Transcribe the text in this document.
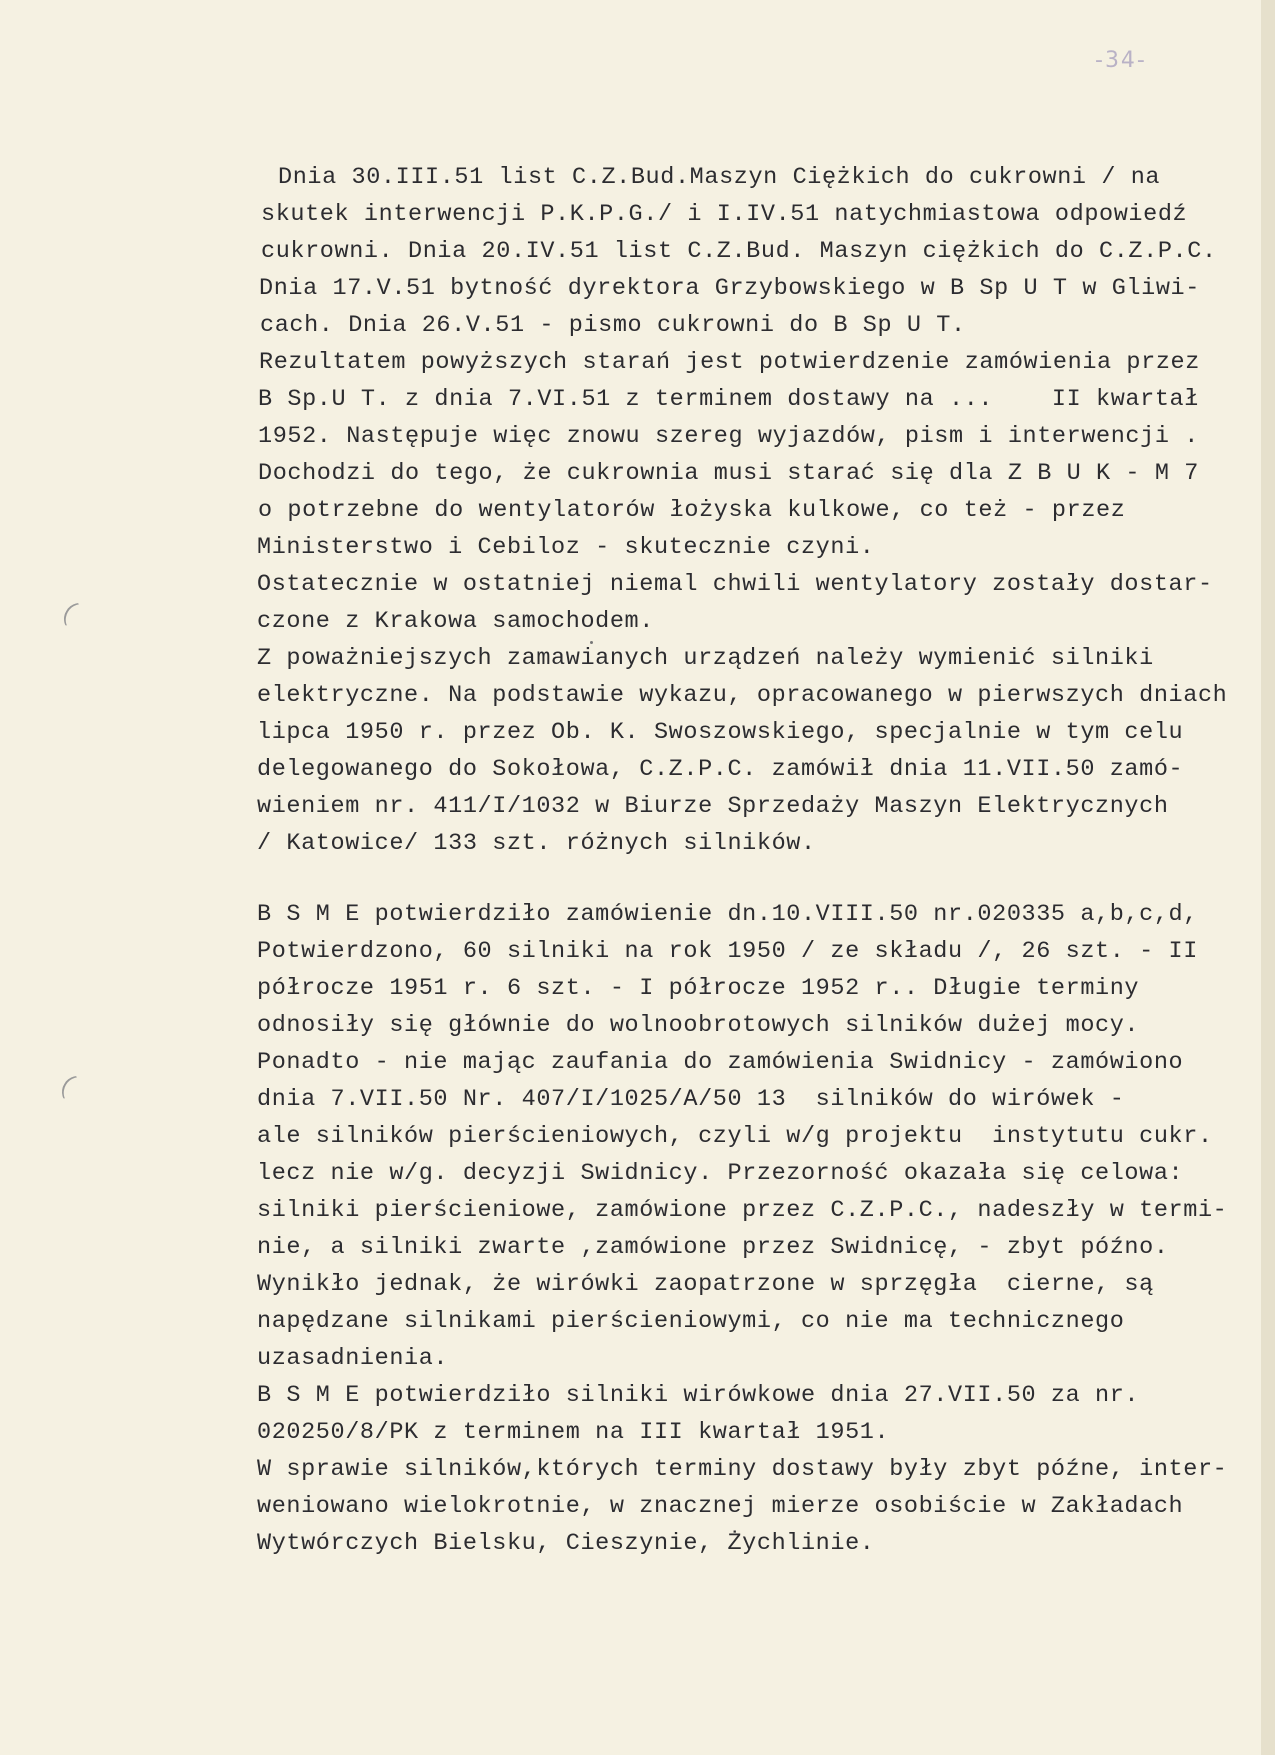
-34-
Dnia 30.III.51 list C.Z.Bud.Maszyn Ciężkich do cukrowni / na
skutek interwencji P.K.P.G./ i I.IV.51 natychmiastowa odpowiedź
cukrowni. Dnia 20.IV.51 list C.Z.Bud. Maszyn ciężkich do C.Z.P.C.
Dnia 17.V.51 bytność dyrektora Grzybowskiego w B Sp U T w Gliwi-
cach. Dnia 26.V.51 - pismo cukrowni do B Sp U T.
Rezultatem powyższych starań jest potwierdzenie zamówienia przez
B Sp.U T. z dnia 7.VI.51 z terminem dostawy na ...    II kwartał
1952. Następuje więc znowu szereg wyjazdów, pism i interwencji .
Dochodzi do tego, że cukrownia musi starać się dla Z B U K - M 7
o potrzebne do wentylatorów łożyska kulkowe, co też - przez
Ministerstwo i Cebiloz - skutecznie czyni.
Ostatecznie w ostatniej niemal chwili wentylatory zostały dostar-
czone z Krakowa samochodem.
Z poważniejszych zamawianych urządzeń należy wymienić silniki
elektryczne. Na podstawie wykazu, opracowanego w pierwszych dniach
lipca 1950 r. przez Ob. K. Swoszowskiego, specjalnie w tym celu
delegowanego do Sokołowa, C.Z.P.C. zamówił dnia 11.VII.50 zamó-
wieniem nr. 411/I/1032 w Biurze Sprzedaży Maszyn Elektrycznych
/ Katowice/ 133 szt. różnych silników.
B S M E potwierdziło zamówienie dn.10.VIII.50 nr.020335 a,b,c,d,
Potwierdzono, 60 silniki na rok 1950 / ze składu /, 26 szt. - II
półrocze 1951 r. 6 szt. - I półrocze 1952 r.. Długie terminy
odnosiły się głównie do wolnoobrotowych silników dużej mocy.
Ponadto - nie mając zaufania do zamówienia Swidnicy - zamówiono
dnia 7.VII.50 Nr. 407/I/1025/A/50 13  silników do wirówek -
ale silników pierścieniowych, czyli w/g projektu  instytutu cukr.
lecz nie w/g. decyzji Swidnicy. Przezorność okazała się celowa:
silniki pierścieniowe, zamówione przez C.Z.P.C., nadeszły w termi-
nie, a silniki zwarte ,zamówione przez Swidnicę, - zbyt późno.
Wynikło jednak, że wirówki zaopatrzone w sprzęgła  cierne, są
napędzane silnikami pierścieniowymi, co nie ma technicznego
uzasadnienia.
B S M E potwierdziło silniki wirówkowe dnia 27.VII.50 za nr.
020250/8/PK z terminem na III kwartał 1951.
W sprawie silników,których terminy dostawy były zbyt późne, inter-
weniowano wielokrotnie, w znacznej mierze osobiście w Zakładach
Wytwórczych Bielsku, Cieszynie, Żychlinie.
